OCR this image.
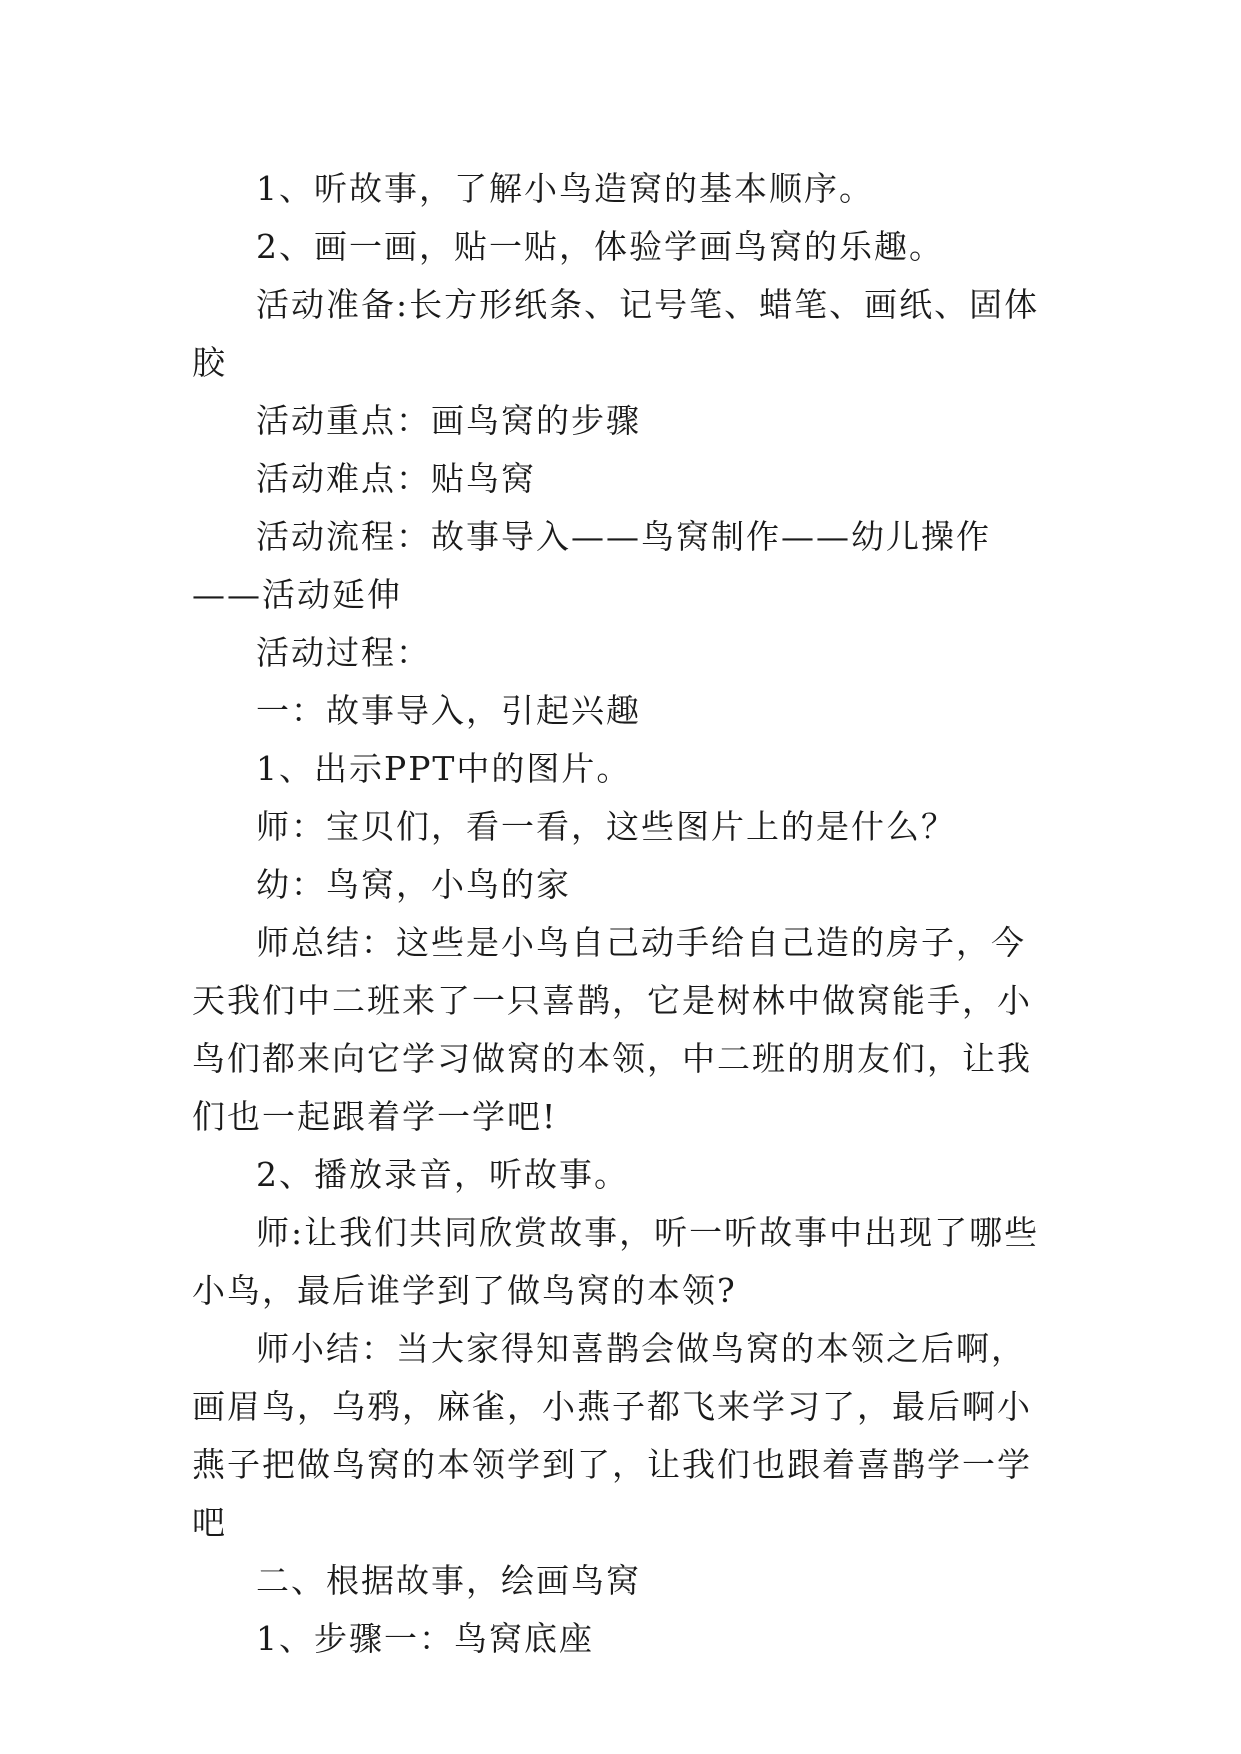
1、听故事，了解小鸟造窝的基本顺序。

2、画一画，贴一贴，体验学画鸟窝的乐趣。

活动准备:长方形纸条、记号笔、蜡笔、画纸、固体胶

活动重点：画鸟窝的步骤

活动难点：贴鸟窝

活动流程：故事导入——鸟窝制作——幼儿操作——活动延伸

活动过程：

一：故事导入，引起兴趣

1、出示PPT中的图片。

师：宝贝们，看一看，这些图片上的是什么？

幼：鸟窝，小鸟的家

师总结：这些是小鸟自己动手给自己造的房子，今天我们中二班来了一只喜鹊，它是树林中做窝能手，小鸟们都来向它学习做窝的本领，中二班的朋友们，让我们也一起跟着学一学吧!

2、播放录音，听故事。

师:让我们共同欣赏故事，听一听故事中出现了哪些小鸟，最后谁学到了做鸟窝的本领?

师小结：当大家得知喜鹊会做鸟窝的本领之后啊，画眉鸟，乌鸦，麻雀，小燕子都飞来学习了，最后啊小燕子把做鸟窝的本领学到了，让我们也跟着喜鹊学一学吧

二、根据故事，绘画鸟窝

1、步骤一：鸟窝底座
